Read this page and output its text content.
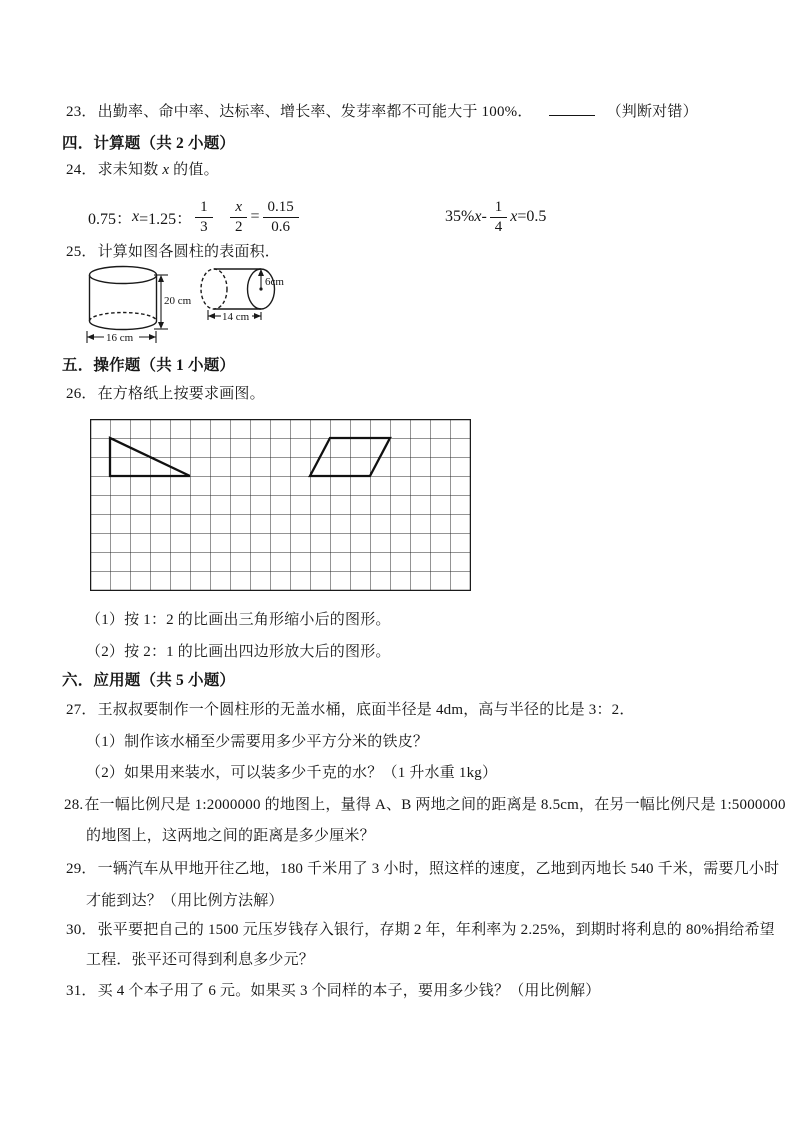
23．出勤率、命中率、达标率、增长率、发芽率都不可能大于 100%．	（判断对错）
四．计算题（共 2 小题）
24．求未知数 x 的值。
0.75： x =1.25： $\frac{1}{3} \frac{x}{2} = \frac{0.15}{0.6}$	35% x - $\frac{1}{4}$ x =0.5
25．计算如图各圆柱的表面积．
20 cm
16 cm
6cm
14 cm
五．操作题（共 1 小题）
26．在方格纸上按要求画图。
（1）按 1：2 的比画出三角形缩小后的图形。
（2）按 2：1 的比画出四边形放大后的图形。
六．应用题（共 5 小题）
27．王叔叔要制作一个圆柱形的无盖水桶，底面半径是 4dm，高与半径的比是 3：2．
（1）制作该水桶至少需要用多少平方分米的铁皮？
（2）如果用来装水，可以装多少千克的水？（1 升水重 1kg）
28.在一幅比例尺是 1:2000000 的地图上，量得 A、B 两地之间的距离是 8.5cm，在另一幅比例尺是 1:5000000
的地图上，这两地之间的距离是多少厘米？
29．一辆汽车从甲地开往乙地，180 千米用了 3 小时，照这样的速度，乙地到丙地长 540 千米，需要几小时
才能到达？（用比例方法解）
30．张平要把自己的 1500 元压岁钱存入银行，存期 2 年，年利率为 2.25%，到期时将利息的 80%捐给希望
工程．张平还可得到利息多少元？
31．买 4 个本子用了 6 元。如果买 3 个同样的本子，要用多少钱？（用比例解）
